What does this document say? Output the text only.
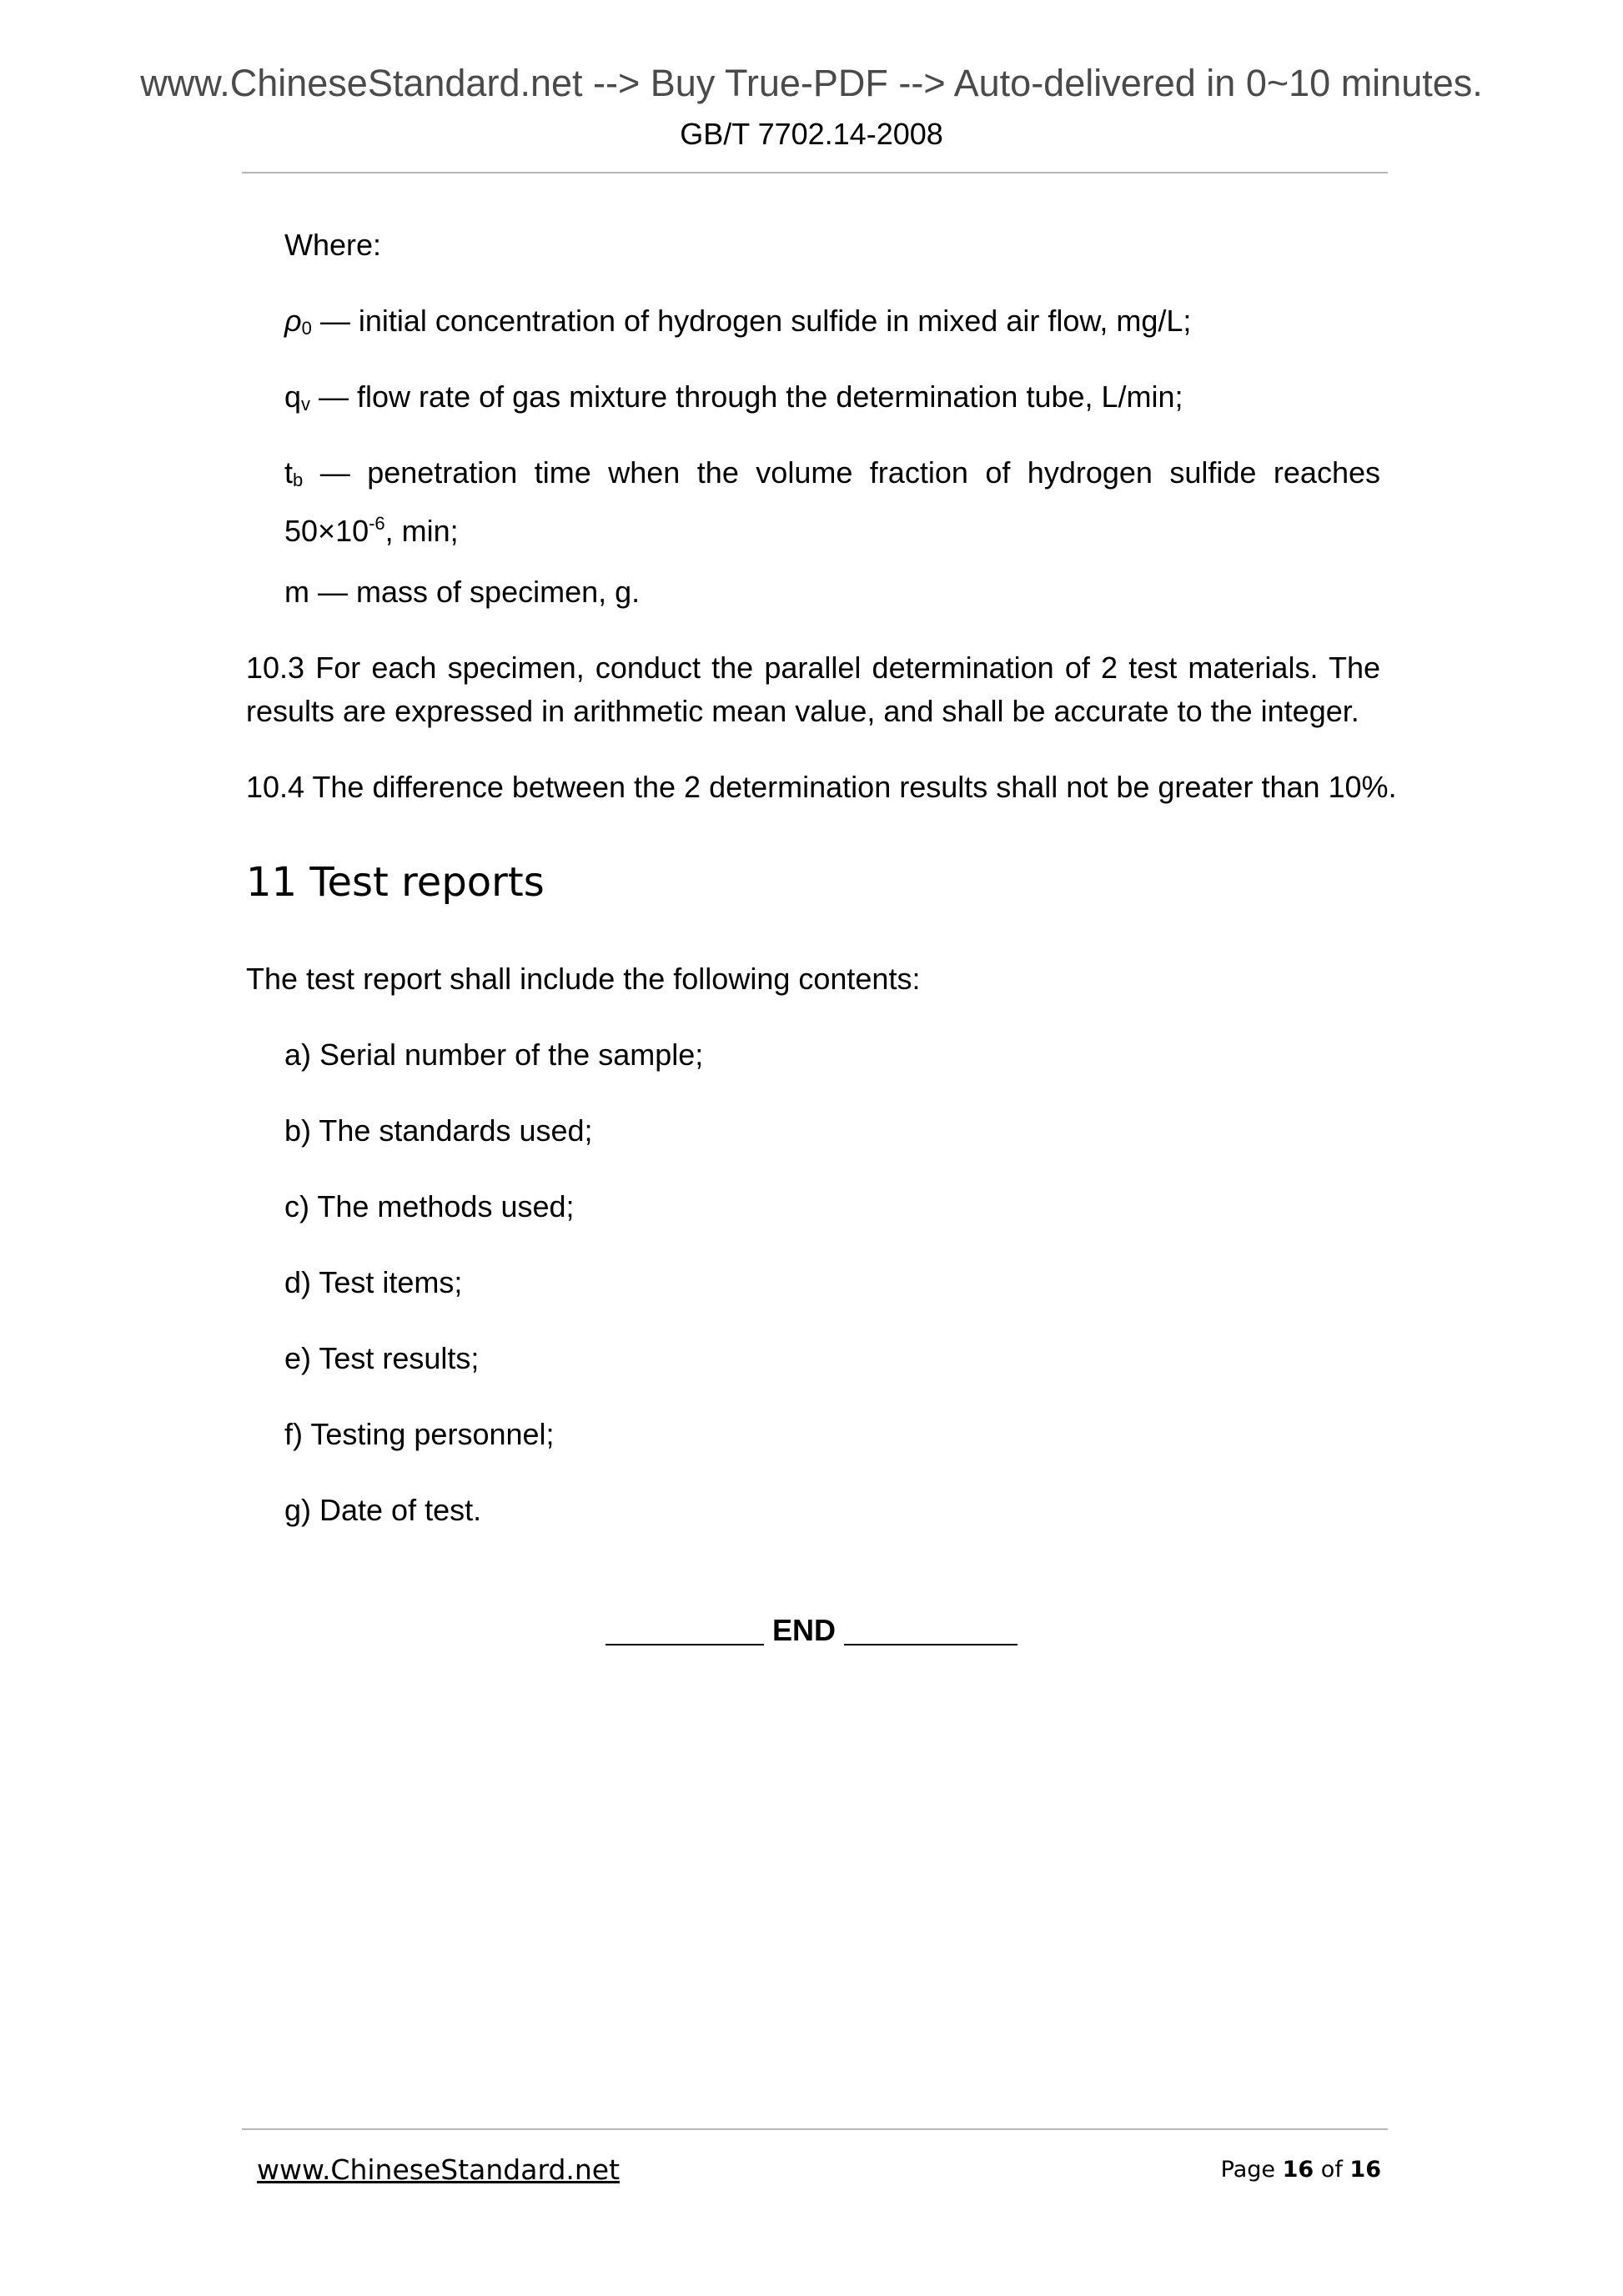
www.ChineseStandard.net --> Buy True-PDF --> Auto-delivered in 0~10 minutes.
GB/T 7702.14-2008
Where:
ρ0 — initial concentration of hydrogen sulfide in mixed air flow, mg/L;
qv — flow rate of gas mixture through the determination tube, L/min;
tb — penetration time when the volume fraction of hydrogen sulfide reaches $50\times 10^{-6}$, min;
m — mass of specimen, g.
10.3 For each specimen, conduct the parallel determination of 2 test materials. The results are expressed in arithmetic mean value, and shall be accurate to the integer.
10.4 The difference between the 2 determination results shall not be greater than 10%.
11 Test reports
The test report shall include the following contents:
a) Serial number of the sample;
b) The standards used;
c) The methods used;
d) Test items;
e) Test results;
f) Testing personnel;
g) Date of test.
END
www.ChineseStandard.net	Page 16 of 16
